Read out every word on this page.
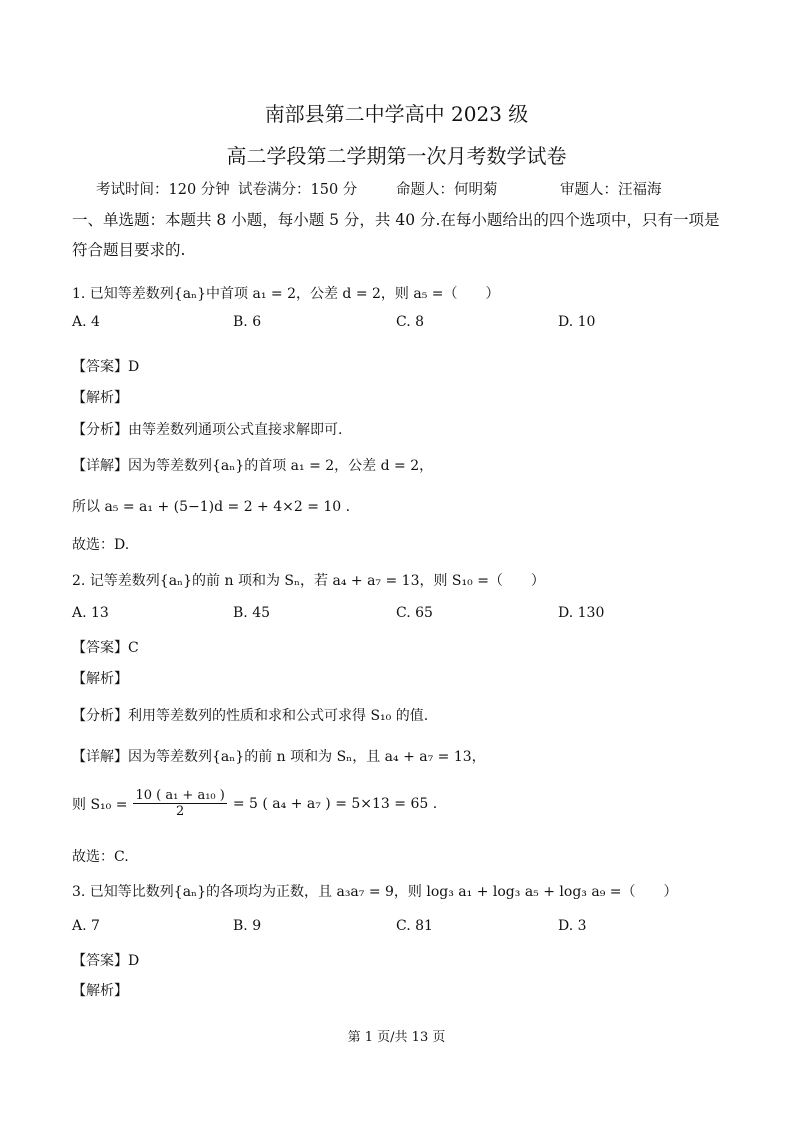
南部县第二中学高中 2023 级
高二学段第二学期第一次月考数学试卷
考试时间：120 分钟 试卷满分：150 分	命题人：何明菊	审题人：汪福海
一、单选题：本题共 8 小题，每小题 5 分，共 40 分.在每小题给出的四个选项中，只有一项是
符合题目要求的.
1. 已知等差数列{aₙ}中首项 a₁ = 2，公差 d = 2，则 a₅ =（　　）
A. 4	B. 6	C. 8	D. 10
【答案】D
【解析】
【分析】由等差数列通项公式直接求解即可.
【详解】因为等差数列{aₙ}的首项 a₁ = 2，公差 d = 2，
所以 a₅ = a₁ + (5−1)d = 2 + 4×2 = 10 .
故选：D.
2. 记等差数列{aₙ}的前 n 项和为 Sₙ，若 a₄ + a₇ = 13，则 S₁₀ =（　　）
A. 13	B. 45	C. 65	D. 130
【答案】C
【解析】
【分析】利用等差数列的性质和求和公式可求得 S₁₀ 的值.
【详解】因为等差数列{aₙ}的前 n 项和为 Sₙ，且 a₄ + a₇ = 13，
则 $S_{10} = \frac{\text{10 ( a₁ + a₁₀ )}}{2} = 5$ ( a₄ + a₇ ) = 5×13 = 65 .
故选：C.
3. 已知等比数列{aₙ}的各项均为正数，且 a₃a₇ = 9，则 log₃ a₁ + log₃ a₅ + log₃ a₉ =（　　）
A. 7	B. 9	C. 81	D. 3
【答案】D
【解析】
第 1 页/共 13 页
